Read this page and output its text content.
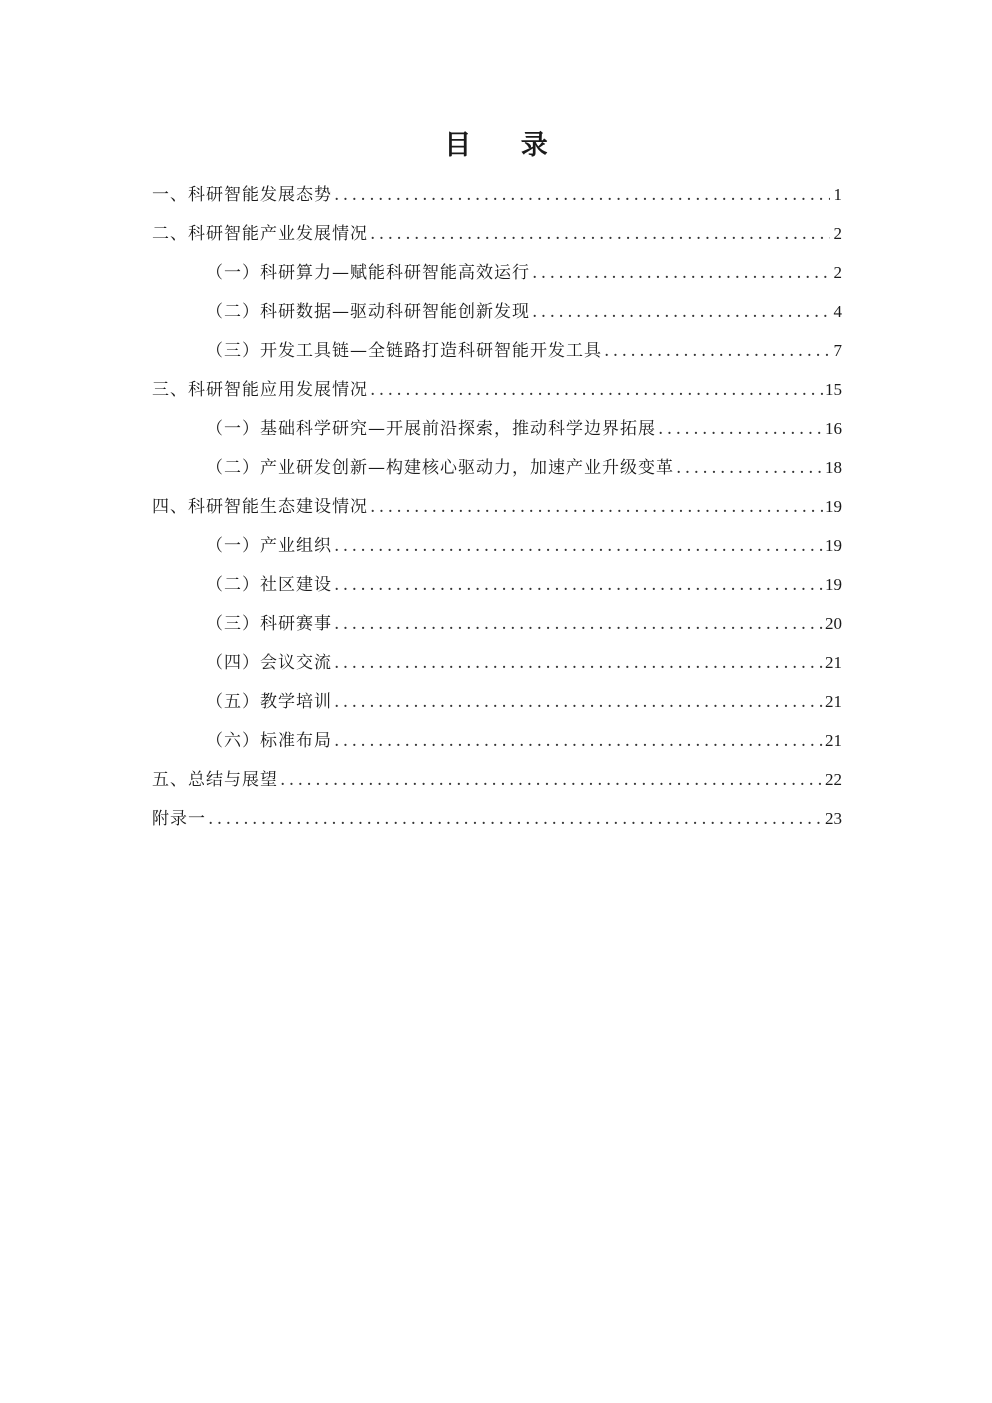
目 录
一、科研智能发展态势 . . .	1
二、科研智能产业发展情况 . . .	2
（一）科研算力—赋能科研智能高效运行 . . .	2
（二）科研数据—驱动科研智能创新发现 . . .	4
（三）开发工具链—全链路打造科研智能开发工具 . . .	7
三、科研智能应用发展情况 . . .	15
（一）基础科学研究—开展前沿探索，推动科学边界拓展 . . .	16
（二）产业研发创新—构建核心驱动力，加速产业升级变革 . . .	18
四、科研智能生态建设情况 . . .	19
（一）产业组织 . . .	19
（二）社区建设 . . .	19
（三）科研赛事 . . .	20
（四）会议交流 . . .	21
（五）教学培训 . . .	21
（六）标准布局 . . .	21
五、总结与展望 . . .	22
附录一 . . .	23
